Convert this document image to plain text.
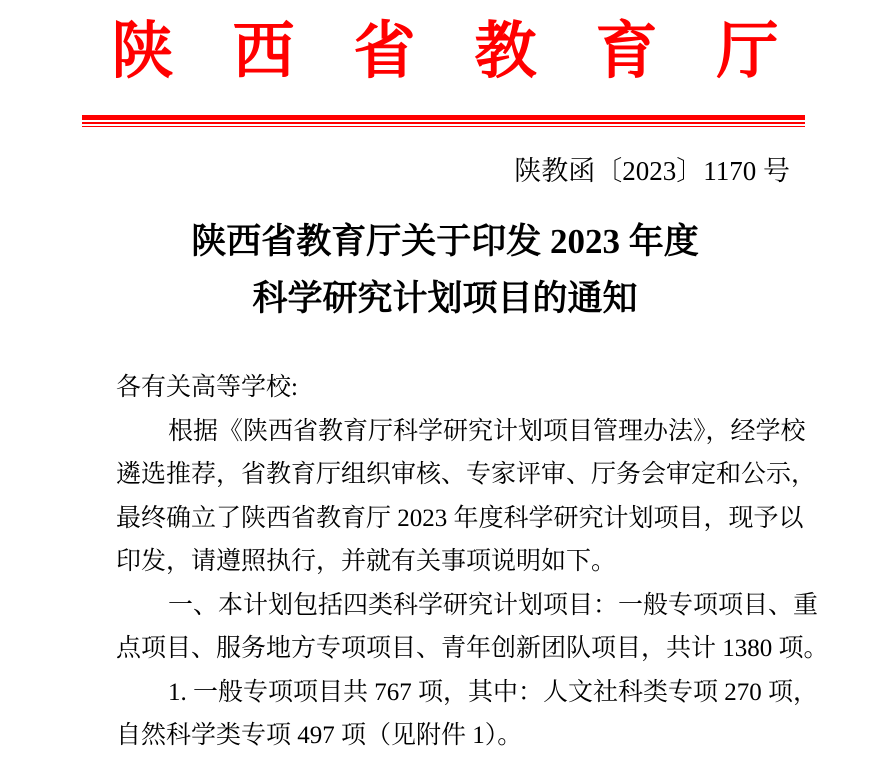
陕西省教育厅
陕教函〔2023〕1170 号
陕西省教育厅关于印发 2023 年度
科学研究计划项目的通知
各有关高等学校:
根据《陕西省教育厅科学研究计划项目管理办法》，经学校
遴选推荐，省教育厅组织审核、专家评审、厅务会审定和公示，
最终确立了陕西省教育厅 2023 年度科学研究计划项目，现予以
印发，请遵照执行，并就有关事项说明如下。
一、本计划包括四类科学研究计划项目：一般专项项目、重
点项目、服务地方专项项目、青年创新团队项目，共计 1380 项。
1. 一般专项项目共 767 项，其中：人文社科类专项 270 项，
自然科学类专项 497 项（见附件 1）。
